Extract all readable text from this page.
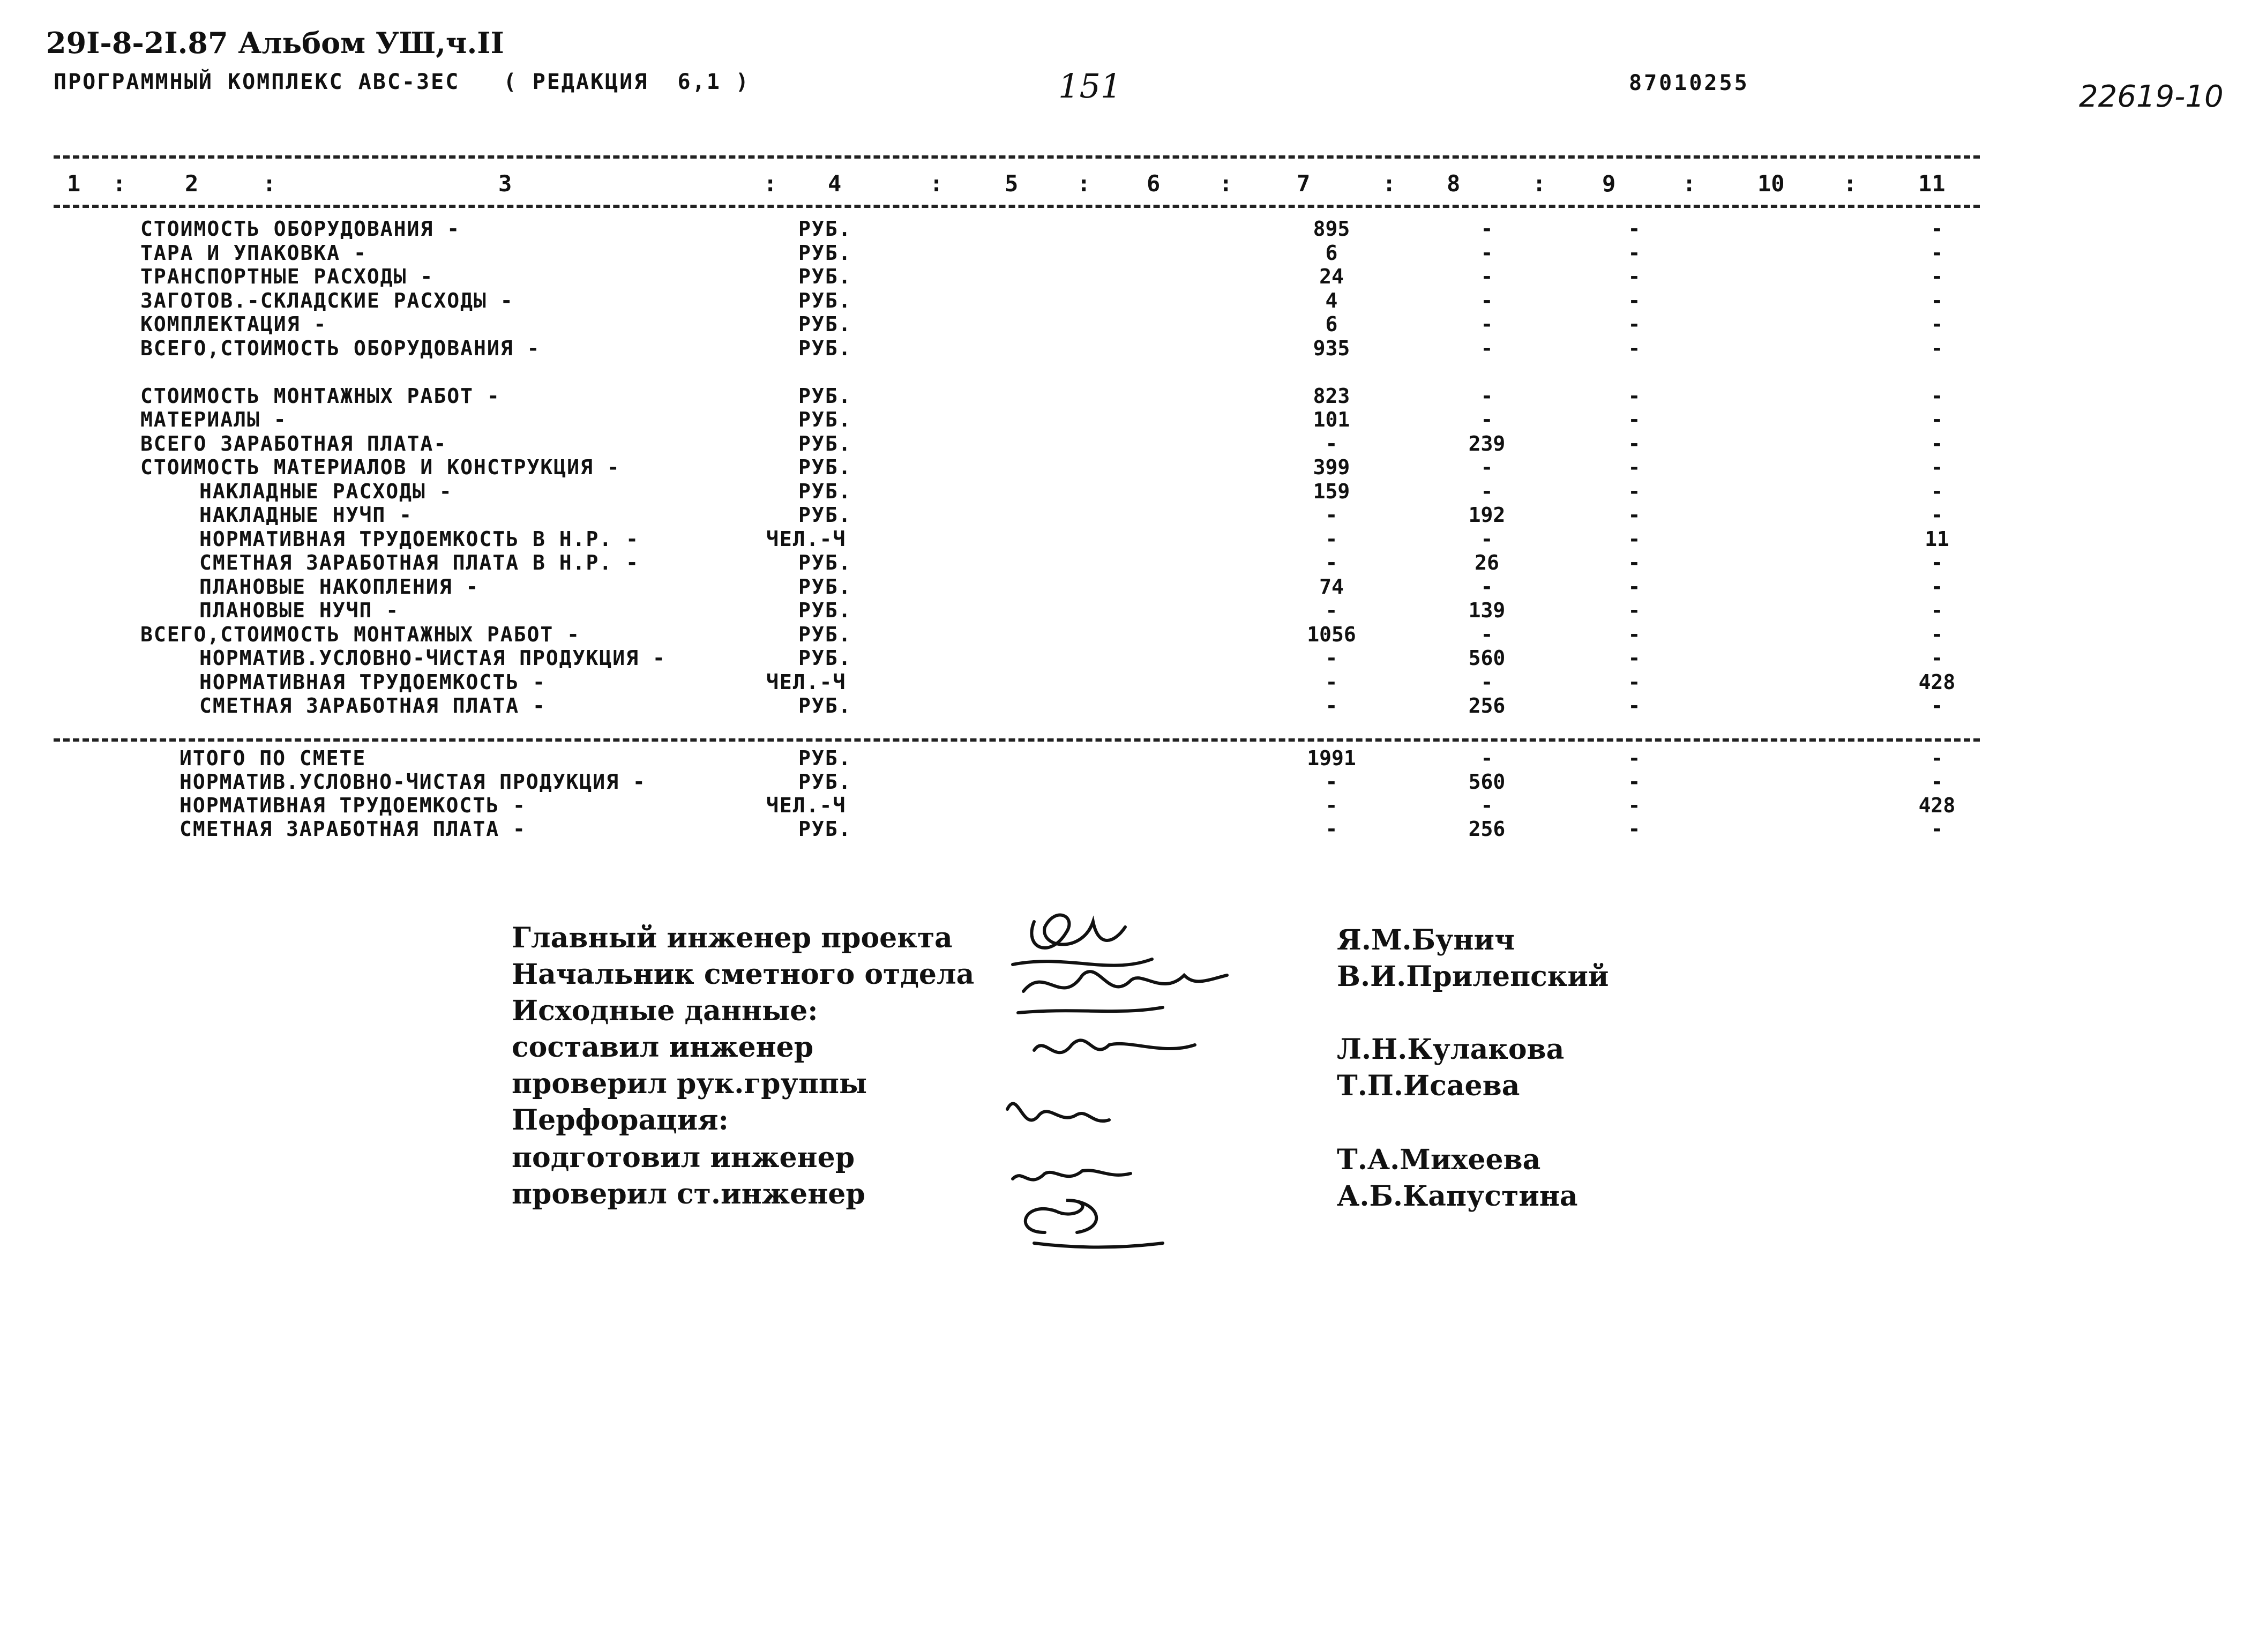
29I-8-2I.87 Альбом УШ,ч.II
ПРОГРАММНЫЙ КОМПЛЕКС АВС-ЗЕС   ( РЕДАКЦИЯ  6,1 )	151	87010255	22619-10
1 :	2	:	3	: 4	:	5	: 6	:	7	: 8	: 9	:	10	:	11
СТОИМОСТЬ ОБОРУДОВАНИЯ -	РУБ.	895	-	-	-
ТАРА И УПАКОВКА -	РУБ.	6	-	-	-
ТРАНСПОРТНЫЕ РАСХОДЫ -	РУБ.	24	-	-	-
ЗАГОТОВ.-СКЛАДСКИЕ РАСХОДЫ -	РУБ.	4	-	-	-
КОМПЛЕКТАЦИЯ -	РУБ.	6	-	-	-
ВСЕГО,СТОИМОСТЬ ОБОРУДОВАНИЯ -	РУБ.	935	-	-	-
СТОИМОСТЬ МОНТАЖНЫХ РАБОТ -	РУБ.	823	-	-	-
МАТЕРИАЛЫ -	РУБ.	101	-	-	-
ВСЕГО ЗАРАБОТНАЯ ПЛАТА-	РУБ.	-	239	-	-
СТОИМОСТЬ МАТЕРИАЛОВ И КОНСТРУКЦИЯ -	РУБ.	399	-	-	-
НАКЛАДНЫЕ РАСХОДЫ -	РУБ.	159	-	-	-
НАКЛАДНЫЕ НУЧП -	РУБ.	-	192	-	-
НОРМАТИВНАЯ ТРУДОЕМКОСТЬ В Н.Р. -	ЧЕЛ.-Ч	-	-	-	11
СМЕТНАЯ ЗАРАБОТНАЯ ПЛАТА В Н.Р. -	РУБ.	-	26	-	-
ПЛАНОВЫЕ НАКОПЛЕНИЯ -	РУБ.	74	-	-	-
ПЛАНОВЫЕ НУЧП -	РУБ.	-	139	-	-
ВСЕГО,СТОИМОСТЬ МОНТАЖНЫХ РАБОТ -	РУБ.	1056	-	-	-
НОРМАТИВ.УСЛОВНО-ЧИСТАЯ ПРОДУКЦИЯ -	РУБ.	-	560	-	-
НОРМАТИВНАЯ ТРУДОЕМКОСТЬ -	ЧЕЛ.-Ч	-	-	-	428
СМЕТНАЯ ЗАРАБОТНАЯ ПЛАТА -	РУБ.	-	256	-	-
ИТОГО ПО СМЕТЕ	РУБ.	1991	-	-	-
НОРМАТИВ.УСЛОВНО-ЧИСТАЯ ПРОДУКЦИЯ -	РУБ.	-	560	-	-
НОРМАТИВНАЯ ТРУДОЕМКОСТЬ -	ЧЕЛ.-Ч	-	-	-	428
СМЕТНАЯ ЗАРАБОТНАЯ ПЛАТА -	РУБ.	-	256	-	-
Главный инженер проекта	Я.М.Бунич
Начальник сметного отдела	В.И.Прилепский
Исходные данные:
составил инженер	Л.Н.Кулакова
проверил рук.группы	Т.П.Исаева
Перфорация:
подготовил инженер	Т.А.Михеева
проверил ст.инженер	А.Б.Капустина
